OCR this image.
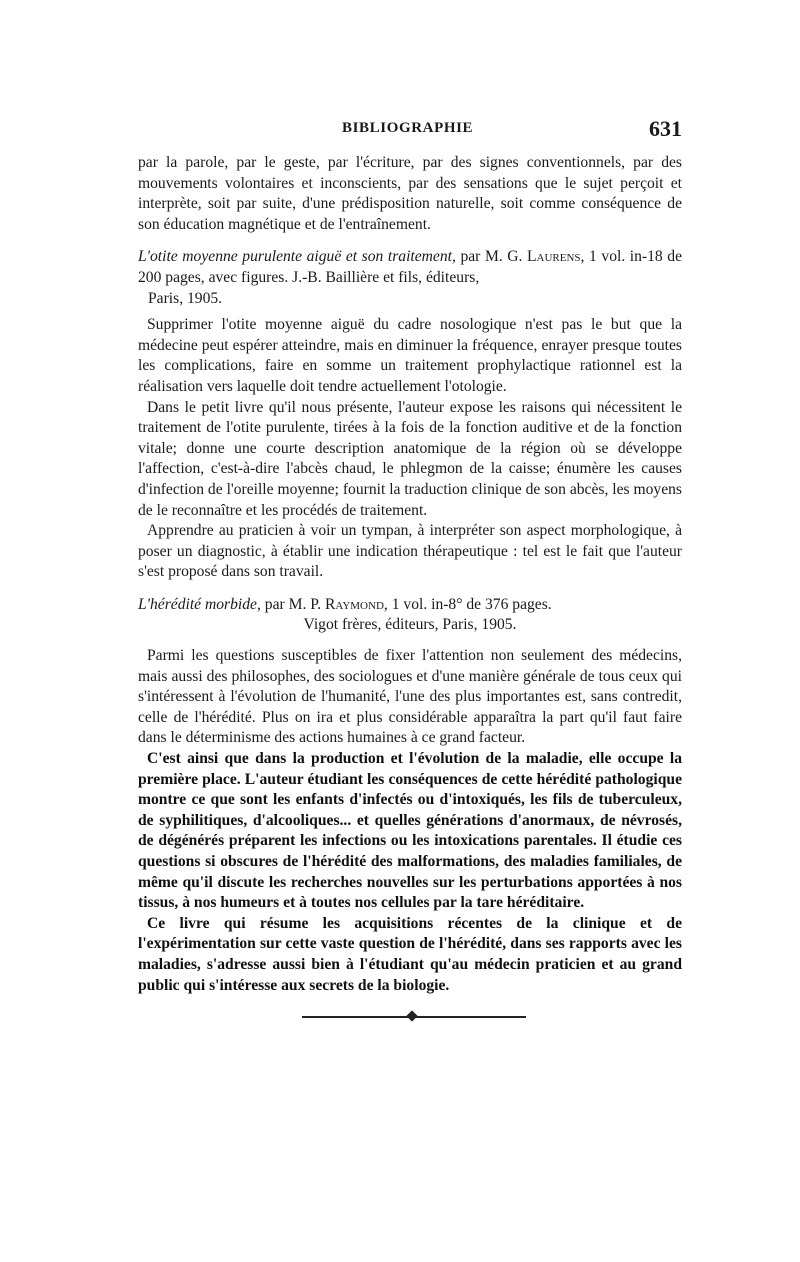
BIBLIOGRAPHIE	631

par la parole, par le geste, par l'écriture, par des signes conventionnels, par des mouvements volontaires et inconscients, par des sensations que le sujet perçoit et interprète, soit par suite, d'une prédisposition naturelle, soit comme conséquence de son éducation magnétique et de l'entraînement.

L'otite moyenne purulente aiguë et son traitement, par M. G. Laurens, 1 vol. in-18 de 200 pages, avec figures. J.-B. Baillière et fils, éditeurs,
Paris, 1905.

Supprimer l'otite moyenne aiguë du cadre nosologique n'est pas le but que la médecine peut espérer atteindre, mais en diminuer la fréquence, enrayer presque toutes les complications, faire en somme un traitement prophylactique rationnel est la réalisation vers laquelle doit tendre actuellement l'otologie.

Dans le petit livre qu'il nous présente, l'auteur expose les raisons qui nécessitent le traitement de l'otite purulente, tirées à la fois de la fonction auditive et de la fonction vitale; donne une courte description anatomique de la région où se développe l'affection, c'est-à-dire l'abcès chaud, le phlegmon de la caisse; énumère les causes d'infection de l'oreille moyenne; fournit la traduction clinique de son abcès, les moyens de le reconnaître et les procédés de traitement.

Apprendre au praticien à voir un tympan, à interpréter son aspect morphologique, à poser un diagnostic, à établir une indication thérapeutique : tel est le fait que l'auteur s'est proposé dans son travail.

L'hérédité morbide, par M. P. Raymond, 1 vol. in-8° de 376 pages.
Vigot frères, éditeurs, Paris, 1905.

Parmi les questions susceptibles de fixer l'attention non seulement des médecins, mais aussi des philosophes, des sociologues et d'une manière générale de tous ceux qui s'intéressent à l'évolution de l'humanité, l'une des plus importantes est, sans contredit, celle de l'hérédité. Plus on ira et plus considérable apparaîtra la part qu'il faut faire dans le déterminisme des actions humaines à ce grand facteur.

C'est ainsi que dans la production et l'évolution de la maladie, elle occupe la première place. L'auteur étudiant les conséquences de cette hérédité pathologique montre ce que sont les enfants d'infectés ou d'intoxiqués, les fils de tuberculeux, de syphilitiques, d'alcooliques... et quelles générations d'anormaux, de névrosés, de dégénérés préparent les infections ou les intoxications parentales. Il étudie ces questions si obscures de l'hérédité des malformations, des maladies familiales, de même qu'il discute les recherches nouvelles sur les perturbations apportées à nos tissus, à nos humeurs et à toutes nos cellules par la tare héréditaire.

Ce livre qui résume les acquisitions récentes de la clinique et de l'expérimentation sur cette vaste question de l'hérédité, dans ses rapports avec les maladies, s'adresse aussi bien à l'étudiant qu'au médecin praticien et au grand public qui s'intéresse aux secrets de la biologie.
